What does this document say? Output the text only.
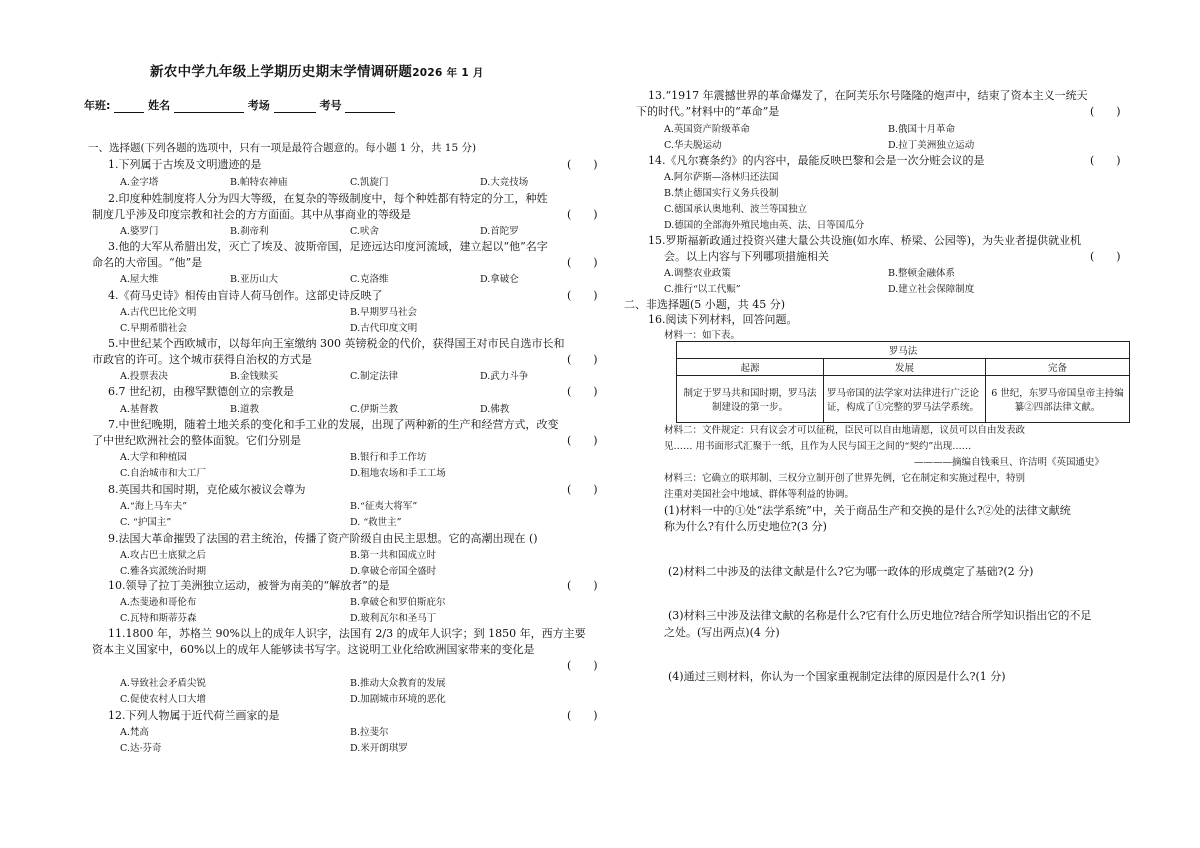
新农中学九年级上学期历史期末学情调研题2026 年 1 月
年班:	姓名	考场	考号
一、选择题(下列各题的选项中，只有一项是最符合题意的。每小题 1 分，共 15 分)
1.下列属于古埃及文明遗迹的是	(　　)
A.金字塔	B.帕特农神庙	C.凯旋门	D.大竞技场
2.印度种姓制度将人分为四大等级，在复杂的等级制度中，每个种姓都有特定的分工，种姓
制度几乎涉及印度宗教和社会的方方面面。其中从事商业的等级是	(　　)
A.婆罗门	B.刹帝利	C.吠舍	D.首陀罗
3.他的大军从希腊出发，灭亡了埃及、波斯帝国，足迹远达印度河流域，建立起以“他”名字
命名的大帝国。“他”是	(　　)
A.屋大维	B.亚历山大	C.克洛维	D.拿破仑
4.《荷马史诗》相传由盲诗人荷马创作。这部史诗反映了	(　　)
A.古代巴比伦文明	B.早期罗马社会
C.早期希腊社会	D.古代印度文明
5.中世纪某个西欧城市，以每年向王室缴纳 300 英镑税金的代价，获得国王对市民自选市长和
市政官的许可。这个城市获得自治权的方式是	(　　)
A.投票表决	B.金钱赎买	C.制定法律	D.武力斗争
6.7 世纪初，由穆罕默德创立的宗教是	(　　)
A.基督教	B.道教	C.伊斯兰教	D.佛教
7.中世纪晚期，随着土地关系的变化和手工业的发展，出现了两种新的生产和经营方式，改变
了中世纪欧洲社会的整体面貌。它们分别是	(　　)
A.大学和种植园	B.银行和手工作坊
C.自治城市和大工厂	D.租地农场和手工工场
8.英国共和国时期，克伦威尔被议会尊为	(　　)
A.“海上马车夫”	B.“征夷大将军”
C. “护国主”	D. “救世主”
9.法国大革命摧毁了法国的君主统治，传播了资产阶级自由民主思想。它的高潮出现在 ()
A.攻占巴士底狱之后	B.第一共和国成立时
C.雅各宾派统治时期	D.拿破仑帝国全盛时
10.领导了拉丁美洲独立运动，被誉为南美的“解放者”的是	(　　)
A.杰斐逊和哥伦布	B.拿破仑和罗伯斯庇尔
C.瓦特和斯蒂芬森	D.玻利瓦尔和圣马丁
11.1800 年，苏格兰 90%以上的成年人识字，法国有 2/3 的成年人识字；到 1850 年，西方主要
资本主义国家中，60%以上的成年人能够读书写字。这说明工业化给欧洲国家带来的变化是
(　　)
A.导致社会矛盾尖锐	B.推动大众教育的发展
C.促使农村人口大增	D.加剧城市环境的恶化
12.下列人物属于近代荷兰画家的是	(　　)
A.梵高	B.拉斐尔
C.达·芬奇	D.米开朗琪罗
13.“1917 年震撼世界的革命爆发了，在阿芙乐尔号隆隆的炮声中，结束了资本主义一统天
下的时代。”材料中的“革命”是	(　　)
A.英国资产阶级革命	B.俄国十月革命
C.华夫脱运动	D.拉丁美洲独立运动
14.《凡尔赛条约》的内容中，最能反映巴黎和会是一次分赃会议的是	(　　)
A.阿尔萨斯—洛林归还法国
B.禁止德国实行义务兵役制
C.德国承认奥地利、波兰等国独立
D.德国的全部海外殖民地由英、法、日等国瓜分
15.罗斯福新政通过投资兴建大量公共设施(如水库、桥梁、公园等)，为失业者提供就业机
会。以上内容与下列哪项措施相关	(　　)
A.调整农业政策	B.整顿金融体系
C.推行“以工代赈”	D.建立社会保障制度
二、非选择题(5 小题，共 45 分)
16.阅读下列材料，回答问题。
材料一：如下表。
罗马法		
起源	发展	完备
制定于罗马共和国时期，罗马法制建设的第一步。	罗马帝国的法学家对法律进行广泛论证，构成了①完整的罗马法学系统。	6 世纪，东罗马帝国皇帝主持编纂②四部法律文献。
材料二：文件规定：只有议会才可以征税，臣民可以自由地请愿，议员可以自由发表政
见…… 用书面形式汇聚于一纸，且作为人民与国王之间的“契约”出现……
————摘编自钱乘旦、许洁明《英国通史》
材料三：它确立的联邦制、三权分立制开创了世界先例，它在制定和实施过程中，特别
注重对美国社会中地域、群体等利益的协调。
(1)材料一中的①处“法学系统”中，关于商品生产和交换的是什么?②处的法律文献统
称为什么?有什么历史地位?(3 分)
(2)材料二中涉及的法律文献是什么?它为哪一政体的形成奠定了基础?(2 分)
(3)材料三中涉及法律文献的名称是什么?它有什么历史地位?结合所学知识指出它的不足
之处。(写出两点)(4 分)
(4)通过三则材料，你认为一个国家重视制定法律的原因是什么?(1 分)
